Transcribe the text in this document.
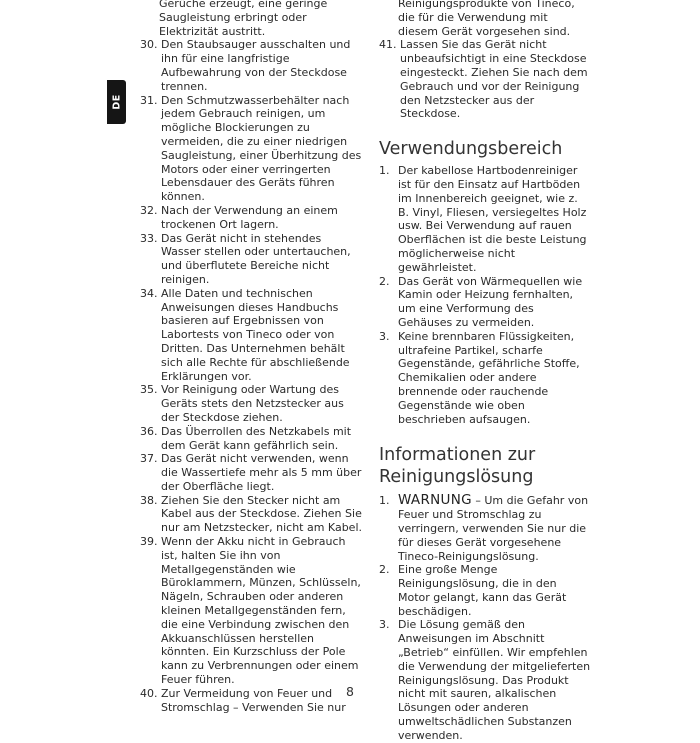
DE
Gerüche erzeugt, eine geringe Saugleistung erbringt oder Elektrizität austritt.
30. Den Staubsauger ausschalten und ihn für eine langfristige Aufbewahrung von der Steckdose trennen.
31. Den Schmutzwasserbehälter nach jedem Gebrauch reinigen, um mögliche Blockierungen zu vermeiden, die zu einer niedrigen Saugleistung, einer Überhitzung des Motors oder einer verringerten Lebensdauer des Geräts führen können.
32. Nach der Verwendung an einem trockenen Ort lagern.
33. Das Gerät nicht in stehendes Wasser stellen oder untertauchen, und überflutete Bereiche nicht reinigen.
34. Alle Daten und technischen Anweisungen dieses Handbuchs basieren auf Ergebnissen von Labortests von Tineco oder von Dritten. Das Unternehmen behält sich alle Rechte für abschließende Erklärungen vor.
35. Vor Reinigung oder Wartung des Geräts stets den Netzstecker aus der Steckdose ziehen.
36. Das Überrollen des Netzkabels mit dem Gerät kann gefährlich sein.
37. Das Gerät nicht verwenden, wenn die Wassertiefe mehr als 5 mm über der Oberfläche liegt.
38. Ziehen Sie den Stecker nicht am Kabel aus der Steckdose. Ziehen Sie nur am Netzstecker, nicht am Kabel.
39. Wenn der Akku nicht in Gebrauch ist, halten Sie ihn von Metallgegenständen wie Büroklammern, Münzen, Schlüsseln, Nägeln, Schrauben oder anderen kleinen Metallgegenständen fern, die eine Verbindung zwischen den Akkuanschlüssen herstellen könnten. Ein Kurzschluss der Pole kann zu Verbrennungen oder einem Feuer führen.
40. Zur Vermeidung von Feuer und Stromschlag – Verwenden Sie nur
Reinigungsprodukte von Tineco, die für die Verwendung mit diesem Gerät vorgesehen sind.
41. Lassen Sie das Gerät nicht unbeaufsichtigt in eine Steckdose eingesteckt. Ziehen Sie nach dem Gebrauch und vor der Reinigung den Netzstecker aus der Steckdose.
Verwendungsbereich
1. Der kabellose Hartbodenreiniger ist für den Einsatz auf Hartböden im Innenbereich geeignet, wie z. B. Vinyl, Fliesen, versiegeltes Holz usw. Bei Verwendung auf rauen Oberflächen ist die beste Leistung möglicherweise nicht gewährleistet.
2. Das Gerät von Wärmequellen wie Kamin oder Heizung fernhalten, um eine Verformung des Gehäuses zu vermeiden.
3. Keine brennbaren Flüssigkeiten, ultrafeine Partikel, scharfe Gegenstände, gefährliche Stoffe, Chemikalien oder andere brennende oder rauchende Gegenstände wie oben beschrieben aufsaugen.
Informationen zur
Reinigungslösung
1. WARNUNG – Um die Gefahr von Feuer und Stromschlag zu verringern, verwenden Sie nur die für dieses Gerät vorgesehene Tineco-Reinigungslösung.
2. Eine große Menge Reinigungslösung, die in den Motor gelangt, kann das Gerät beschädigen.
3. Die Lösung gemäß den Anweisungen im Abschnitt „Betrieb“ einfüllen. Wir empfehlen die Verwendung der mitgelieferten Reinigungslösung. Das Produkt nicht mit sauren, alkalischen Lösungen oder anderen umweltschädlichen Substanzen verwenden.
8
